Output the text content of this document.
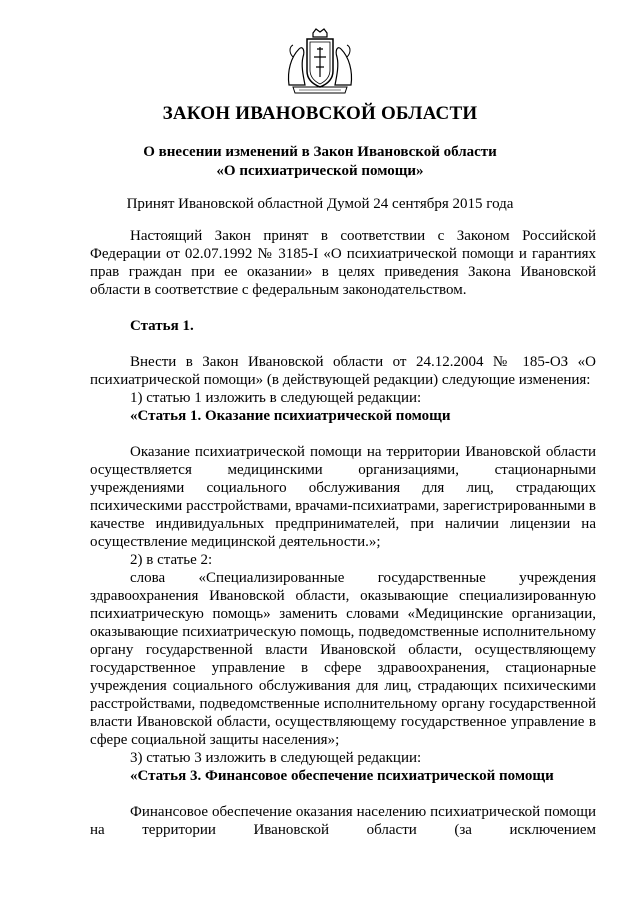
ЗАКОН ИВАНОВСКОЙ ОБЛАСТИ
О внесении изменений в Закон Ивановской области
«О психиатрической помощи»

Принят Ивановской областной Думой 24 сентября 2015 года

Настоящий Закон принят в соответствии с Законом Российской Федерации от 02.07.1992 № 3185-I «О психиатрической помощи и гарантиях прав граждан при ее оказании» в целях приведения Закона Ивановской области в соответствие с федеральным законодательством.

Статья 1.

Внести в Закон Ивановской области от 24.12.2004 № 185-ОЗ «О психиатрической помощи» (в действующей редакции) следующие изменения:

1) статью 1 изложить в следующей редакции:

«Статья 1. Оказание психиатрической помощи

Оказание психиатрической помощи на территории Ивановской области осуществляется медицинскими организациями, стационарными учреждениями социального обслуживания для лиц, страдающих психическими расстройствами, врачами-психиатрами, зарегистрированными в качестве индивидуальных предпринимателей, при наличии лицензии на осуществление медицинской деятельности.»;

2) в статье 2:

слова «Специализированные государственные учреждения здравоохранения Ивановской области, оказывающие специализированную психиатрическую помощь» заменить словами «Медицинские организации, оказывающие психиатрическую помощь, подведомственные исполнительному органу государственной власти Ивановской области, осуществляющему государственное управление в сфере здравоохранения, стационарные учреждения социального обслуживания для лиц, страдающих психическими расстройствами, подведомственные исполнительному органу государственной власти Ивановской области, осуществляющему государственное управление в сфере социальной защиты населения»;

3) статью 3 изложить в следующей редакции:

«Статья 3. Финансовое обеспечение психиатрической помощи

Финансовое обеспечение оказания населению психиатрической помощи на территории Ивановской области (за исключением
